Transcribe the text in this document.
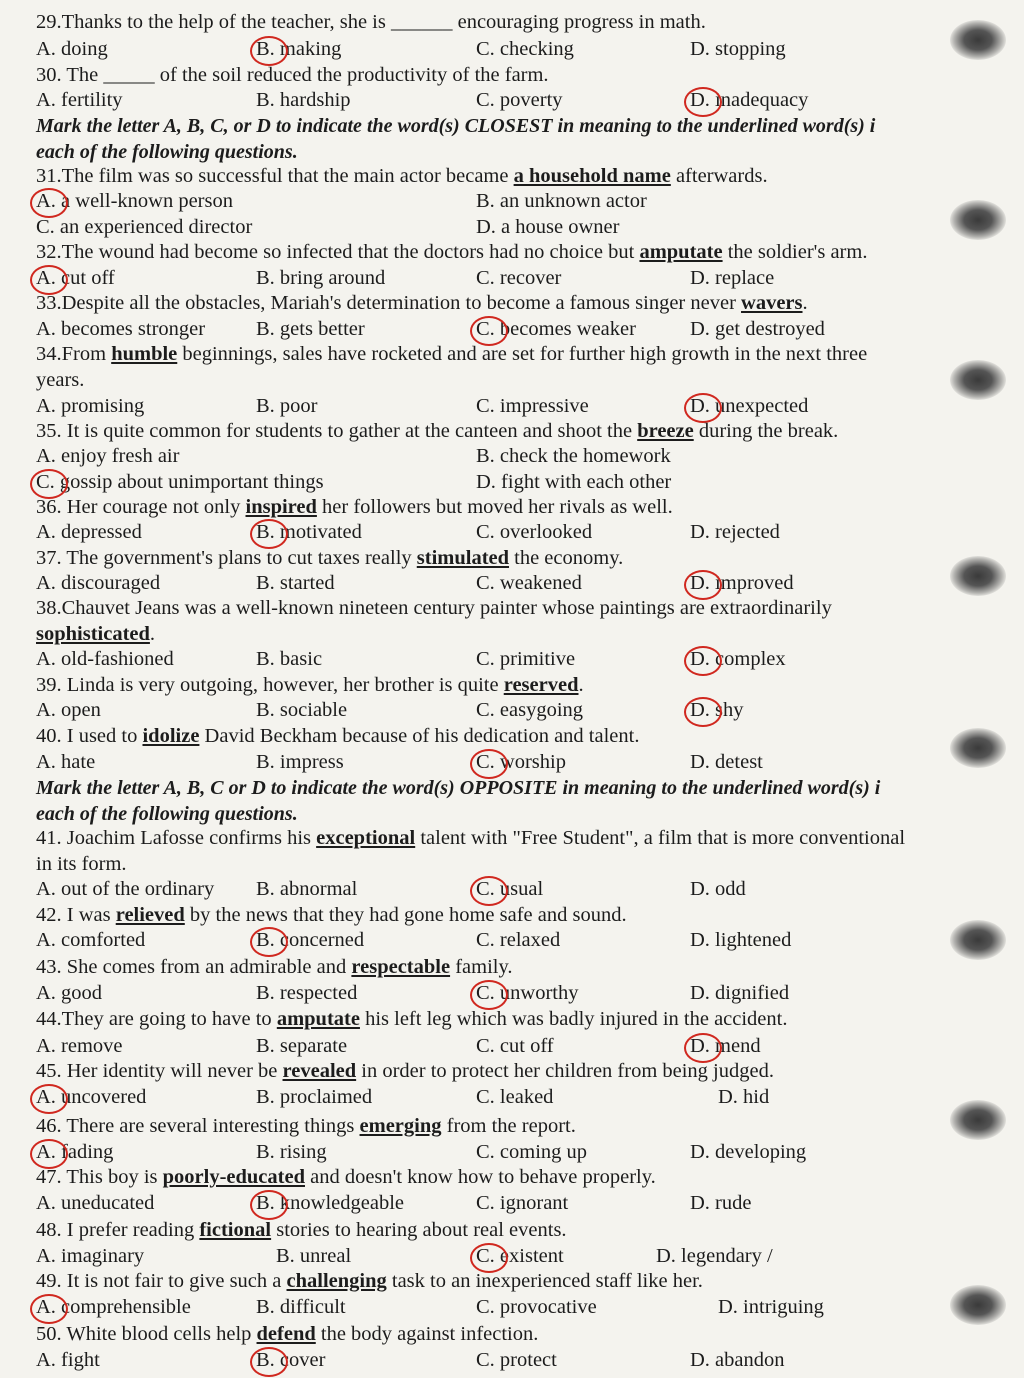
29.Thanks to the help of the teacher, she is ______ encouraging progress in math.
A. doing	B. making	C. checking	D. stopping
30. The _____ of the soil reduced the productivity of the farm.
A. fertility	B. hardship	C. poverty	D. inadequacy
Mark the letter A, B, C, or D to indicate the word(s) CLOSEST in meaning to the underlined word(s) i
each of the following questions.
31.The film was so successful that the main actor became a household name afterwards.
A. a well-known person	B. an unknown actor
C. an experienced director	D. a house owner
32.The wound had become so infected that the doctors had no choice but amputate the soldier's arm.
A. cut off	B. bring around	C. recover	D. replace
33.Despite all the obstacles, Mariah's determination to become a famous singer never wavers.
A. becomes stronger B. gets better	C. becomes weaker	D. get destroyed
34.From humble beginnings, sales have rocketed and are set for further high growth in the next three
years.
A. promising	B. poor	C. impressive	D. unexpected
35. It is quite common for students to gather at the canteen and shoot the breeze during the break.
A. enjoy fresh air	B. check the homework
C. gossip about unimportant things	D. fight with each other
36. Her courage not only inspired her followers but moved her rivals as well.
A. depressed	B. motivated	C. overlooked	D. rejected
37. The government's plans to cut taxes really stimulated the economy.
A. discouraged	B. started	C. weakened	D. improved
38.Chauvet Jeans was a well-known nineteen century painter whose paintings are extraordinarily
sophisticated.
A. old-fashioned	B. basic	C. primitive	D. complex
39. Linda is very outgoing, however, her brother is quite reserved.
A. open	B. sociable	C. easygoing	D. shy
40. I used to idolize David Beckham because of his dedication and talent.
A. hate	B. impress	C. worship	D. detest
Mark the letter A, B, C or D to indicate the word(s) OPPOSITE in meaning to the underlined word(s) i
each of the following questions.
41. Joachim Lafosse confirms his exceptional talent with "Free Student", a film that is more conventional
in its form.
A. out of the ordinary B. abnormal	C. usual	D. odd
42. I was relieved by the news that they had gone home safe and sound.
A. comforted	B. concerned	C. relaxed	D. lightened
43. She comes from an admirable and respectable family.
A. good	B. respected	C. unworthy	D. dignified
44.They are going to have to amputate his left leg which was badly injured in the accident.
A. remove	B. separate	C. cut off	D. mend
45. Her identity will never be revealed in order to protect her children from being judged.
A. uncovered	B. proclaimed	C. leaked	D. hid
46. There are several interesting things emerging from the report.
A. fading	B. rising	C. coming up	D. developing
47. This boy is poorly-educated and doesn't know how to behave properly.
A. uneducated	B. knowledgeable	C. ignorant	D. rude
48. I prefer reading fictional stories to hearing about real events.
A. imaginary	B. unreal	C. existent	D. legendary /
49. It is not fair to give such a challenging task to an inexperienced staff like her.
A. comprehensible	B. difficult	C. provocative	D. intriguing
50. White blood cells help defend the body against infection.
A. fight	B. cover	C. protect	D. abandon
